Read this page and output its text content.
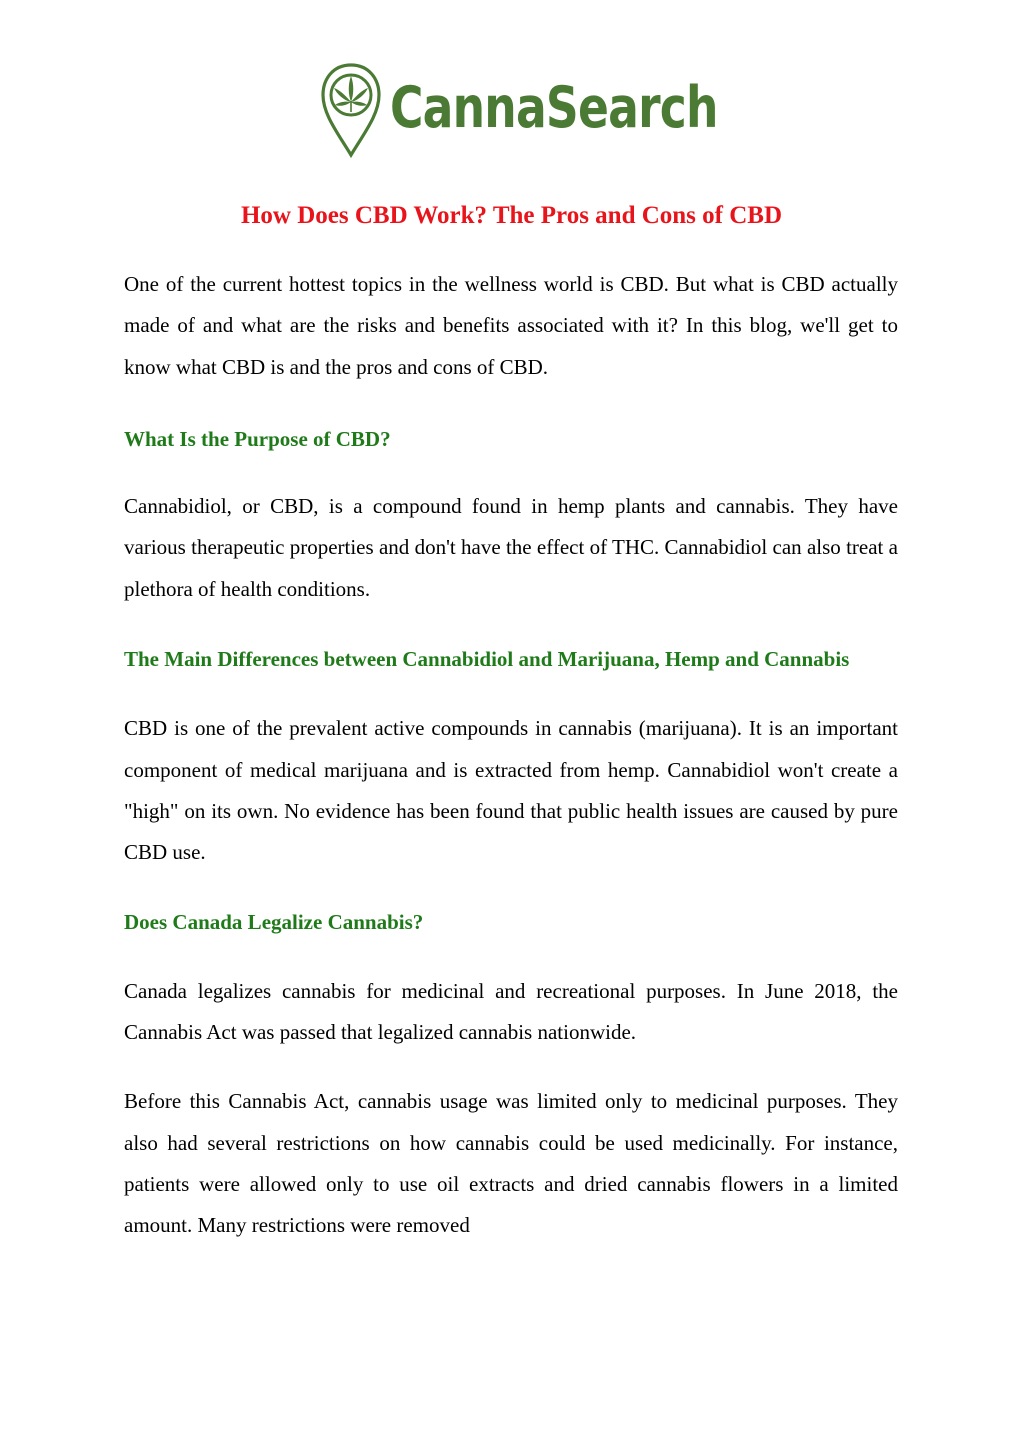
CannaSearch
How Does CBD Work? The Pros and Cons of CBD

One of the current hottest topics in the wellness world is CBD. But what is CBD actually made of and what are the risks and benefits associated with it? In this blog, we'll get to know what CBD is and the pros and cons of CBD.

What Is the Purpose of CBD?

Cannabidiol, or CBD, is a compound found in hemp plants and cannabis. They have various therapeutic properties and don't have the effect of THC. Cannabidiol can also treat a plethora of health conditions.

The Main Differences between Cannabidiol and Marijuana, Hemp and Cannabis

CBD is one of the prevalent active compounds in cannabis (marijuana). It is an important component of medical marijuana and is extracted from hemp. Cannabidiol won't create a "high" on its own. No evidence has been found that public health issues are caused by pure CBD use.

Does Canada Legalize Cannabis?

Canada legalizes cannabis for medicinal and recreational purposes. In June 2018, the Cannabis Act was passed that legalized cannabis nationwide.

Before this Cannabis Act, cannabis usage was limited only to medicinal purposes. They also had several restrictions on how cannabis could be used medicinally. For instance, patients were allowed only to use oil extracts and dried cannabis flowers in a limited amount. Many restrictions were removed
